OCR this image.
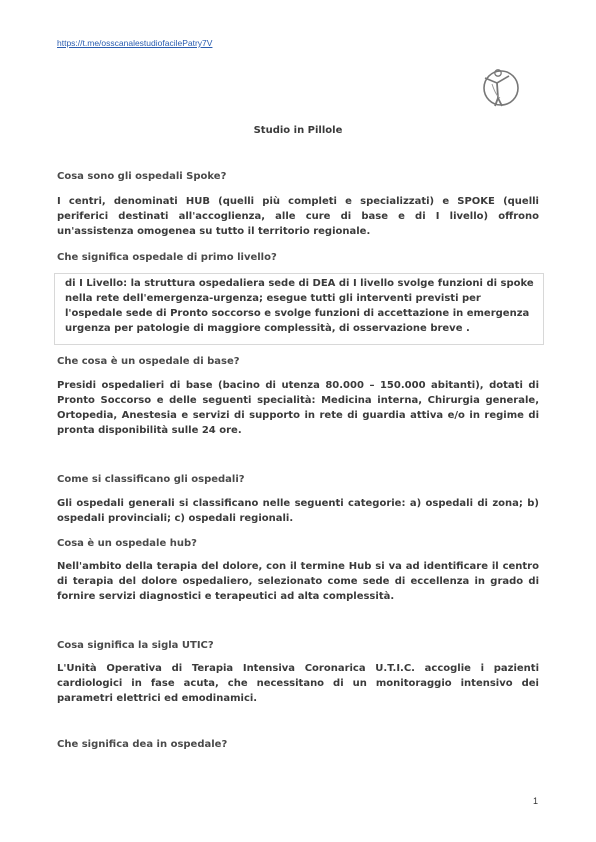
https://t.me/osscanalestudiofacilePatry7V
Studio in Pillole
Cosa sono gli ospedali Spoke?
I centri, denominati HUB (quelli più completi e specializzati) e SPOKE (quelli periferici destinati all'accoglienza, alle cure di base e di I livello) offrono un'assistenza omogenea su tutto il territorio regionale.
Che significa ospedale di primo livello?
di I Livello: la struttura ospedaliera sede di DEA di I livello svolge funzioni di spoke nella rete dell'emergenza-urgenza; esegue tutti gli interventi previsti per l'ospedale sede di Pronto soccorso e svolge funzioni di accettazione in emergenza urgenza per patologie di maggiore complessità, di osservazione breve .
Che cosa è un ospedale di base?
Presidi ospedalieri di base (bacino di utenza 80.000 – 150.000 abitanti), dotati di Pronto Soccorso e delle seguenti specialità: Medicina interna, Chirurgia generale, Ortopedia, Anestesia e servizi di supporto in rete di guardia attiva e/o in regime di pronta disponibilità sulle 24 ore.
Come si classificano gli ospedali?
Gli ospedali generali si classificano nelle seguenti categorie: a) ospedali di zona; b) ospedali provinciali; c) ospedali regionali.
Cosa è un ospedale hub?
Nell'ambito della terapia del dolore, con il termine Hub si va ad identificare il centro di terapia del dolore ospedaliero, selezionato come sede di eccellenza in grado di fornire servizi diagnostici e terapeutici ad alta complessità.
Cosa significa la sigla UTIC?
L'Unità Operativa di Terapia Intensiva Coronarica U.T.I.C. accoglie i pazienti cardiologici in fase acuta, che necessitano di un monitoraggio intensivo dei parametri elettrici ed emodinamici.
Che significa dea in ospedale?
1
